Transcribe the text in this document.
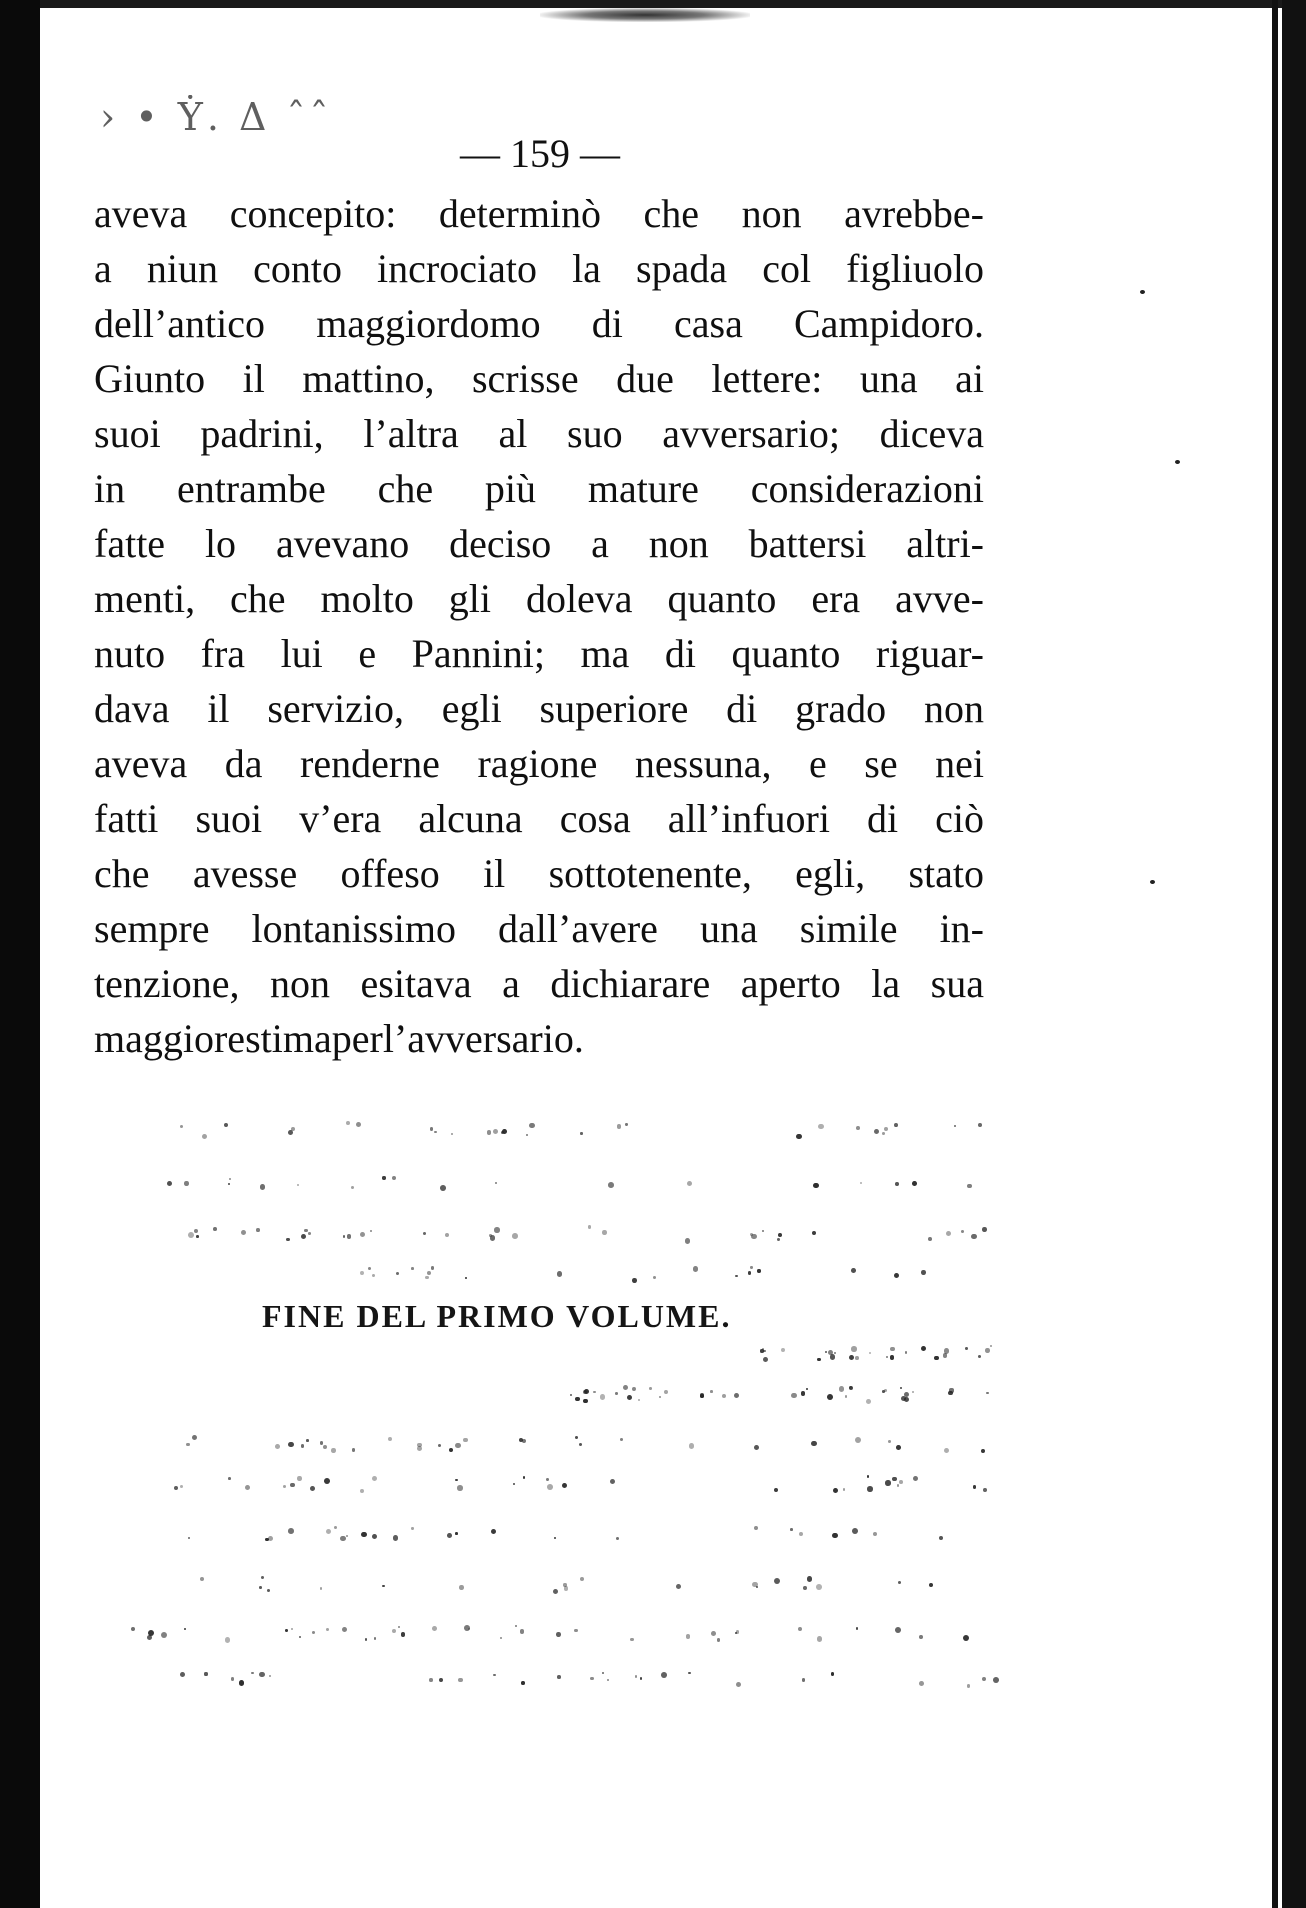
› • Ẏ. Δ ˆˆ
— 159 —
aveva concepito: determinò che non avrebbe-
a niun conto incrociato la spada col figliuolo
dell’antico maggiordomo di casa Campidoro.
Giunto il mattino, scrisse due lettere: una ai
suoi padrini, l’altra al suo avversario; diceva
in entrambe che più mature considerazioni
fatte lo avevano deciso a non battersi altri-
menti, che molto gli doleva quanto era avve-
nuto fra lui e Pannini; ma di quanto riguar-
dava il servizio, egli superiore di grado non
aveva da renderne ragione nessuna, e se nei
fatti suoi v’era alcuna cosa all’infuori di ciò
che avesse offeso il sottotenente, egli, stato
sempre lontanissimo dall’avere una simile in-
tenzione, non esitava a dichiarare aperto la sua
maggiore stima per l’avversario.
FINE DEL PRIMO VOLUME.
